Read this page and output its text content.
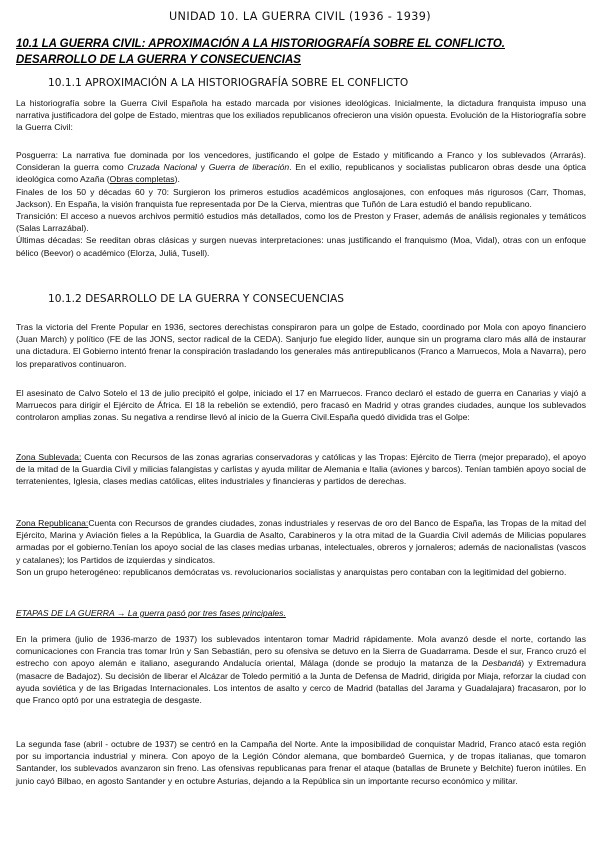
UNIDAD 10. LA GUERRA CIVIL (1936 - 1939)
10.1 LA GUERRA CIVIL: APROXIMACIÓN A LA HISTORIOGRAFÍA SOBRE EL CONFLICTO.
DESARROLLO DE LA GUERRA Y CONSECUENCIAS
10.1.1 APROXIMACIÓN A LA HISTORIOGRAFÍA SOBRE EL CONFLICTO

La historiografía sobre la Guerra Civil Española ha estado marcada por visiones ideológicas. Inicialmente, la dictadura franquista impuso una narrativa justificadora del golpe de Estado, mientras que los exiliados republicanos ofrecieron una visión opuesta. Evolución de la Historiografía sobre la Guerra Civil:

Posguerra: La narrativa fue dominada por los vencedores, justificando el golpe de Estado y mitificando a Franco y los sublevados (Arrarás). Consideran la guerra como Cruzada Nacional y Guerra de liberación. En el exilio, republicanos y socialistas publicaron obras desde una óptica ideológica como Azaña (Obras completas).

Finales de los 50 y décadas 60 y 70: Surgieron los primeros estudios académicos anglosajones, con enfoques más rigurosos (Carr, Thomas, Jackson). En España, la visión franquista fue representada por De la Cierva, mientras que Tuñón de Lara estudió el bando republicano.

Transición: El acceso a nuevos archivos permitió estudios más detallados, como los de Preston y Fraser, además de análisis regionales y temáticos (Salas Larrazábal).

Últimas décadas: Se reeditan obras clásicas y surgen nuevas interpretaciones: unas justificando el franquismo (Moa, Vidal), otras con un enfoque bélico (Beevor) o académico (Elorza, Juliá, Tusell).

10.1.2 DESARROLLO DE LA GUERRA Y CONSECUENCIAS

Tras la victoria del Frente Popular en 1936, sectores derechistas conspiraron para un golpe de Estado, coordinado por Mola con apoyo financiero (Juan March) y político (FE de las JONS, sector radical de la CEDA). Sanjurjo fue elegido líder, aunque sin un programa claro más allá de instaurar una dictadura. El Gobierno intentó frenar la conspiración trasladando los generales más antirepublicanos (Franco a Marruecos, Mola a Navarra), pero los preparativos continuaron.

El asesinato de Calvo Sotelo el 13 de julio precipitó el golpe, iniciado el 17 en Marruecos. Franco declaró el estado de guerra en Canarias y viajó a Marruecos para dirigir el Ejército de África. El 18 la rebelión se extendió, pero fracasó en Madrid y otras grandes ciudades, aunque los sublevados controlaron amplias zonas. Su negativa a rendirse llevó al inicio de la Guerra Civil.España quedó dividida tras el Golpe:

Zona Sublevada: Cuenta con Recursos de las zonas agrarias conservadoras y católicas y las Tropas: Ejército de Tierra (mejor preparado), el apoyo de la mitad de la Guardia Civil y milicias falangistas y carlistas y ayuda militar de Alemania e Italia (aviones y barcos). Tenían también apoyo social de terratenientes, Iglesia, clases medias católicas, elites industriales y financieras y partidos de derechas.

Zona Republicana:Cuenta con Recursos de grandes ciudades, zonas industriales y reservas de oro del Banco de España, las Tropas de la mitad del Ejército, Marina y Aviación fieles a la República, la Guardia de Asalto, Carabineros y la otra mitad de la Guardia Civil además de Milicias populares armadas por el gobierno.Tenían los apoyo social de las clases medias urbanas, intelectuales, obreros y jornaleros; además de nacionalistas (vascos y catalanes); los Partidos de izquierdas y sindicatos.

Son un grupo heterogéneo: republicanos demócratas vs. revolucionarios socialistas y anarquistas pero contaban con la legitimidad del gobierno.

ETAPAS DE LA GUERRA → La guerra pasó por tres fases principales.

En la primera (julio de 1936-marzo de 1937) los sublevados intentaron tomar Madrid rápidamente. Mola avanzó desde el norte, cortando las comunicaciones con Francia tras tomar Irún y San Sebastián, pero su ofensiva se detuvo en la Sierra de Guadarrama. Desde el sur, Franco cruzó el estrecho con apoyo alemán e italiano, asegurando Andalucía oriental, Málaga (donde se produjo la matanza de la Desbandá) y Extremadura (masacre de Badajoz). Su decisión de liberar el Alcázar de Toledo permitió a la Junta de Defensa de Madrid, dirigida por Miaja, reforzar la ciudad con ayuda soviética y de las Brigadas Internacionales. Los intentos de asalto y cerco de Madrid (batallas del Jarama y Guadalajara) fracasaron, por lo que Franco optó por una estrategia de desgaste.

La segunda fase (abril - octubre de 1937) se centró en la Campaña del Norte. Ante la imposibilidad de conquistar Madrid, Franco atacó esta región por su importancia industrial y minera. Con apoyo de la Legión Cóndor alemana, que bombardeó Guernica, y de tropas italianas, que tomaron Santander, los sublevados avanzaron sin freno. Las ofensivas republicanas para frenar el ataque (batallas de Brunete y Belchite) fueron inútiles. En junio cayó Bilbao, en agosto Santander y en octubre Asturias, dejando a la República sin un importante recurso económico y militar.
